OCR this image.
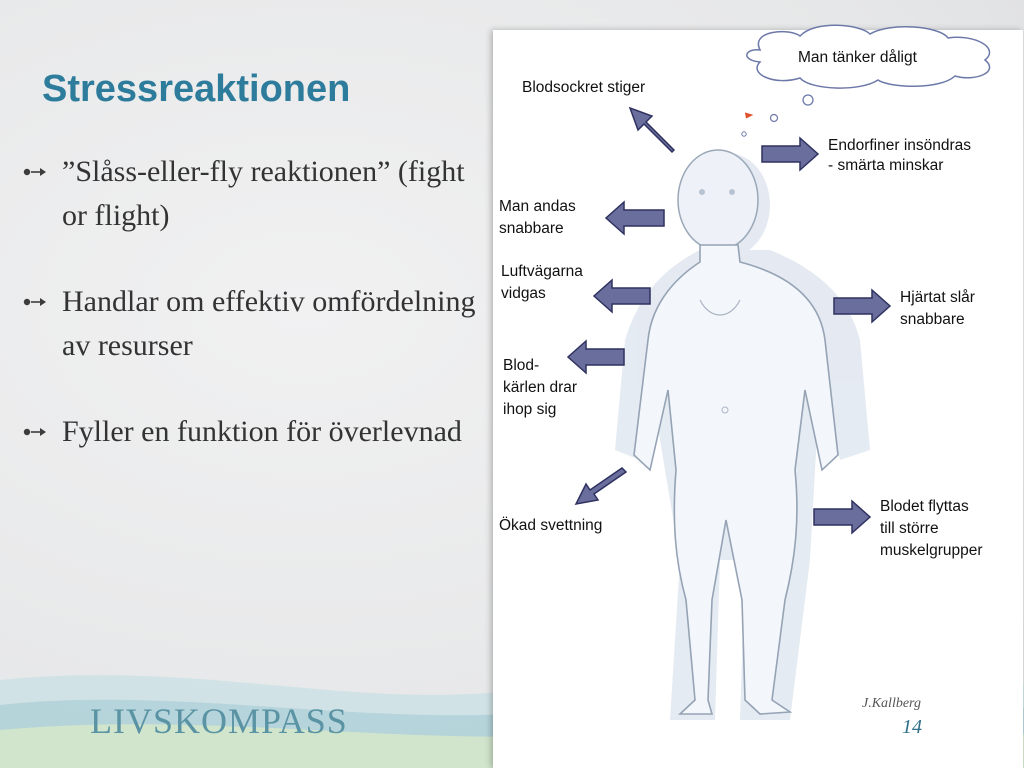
Stressreaktionen
”Slåss-eller-fly reaktionen” (fight or flight)
Handlar om effektiv omfördelning av resurser
Fyller en funktion för överlevnad
LIVSKOMPASS
Man tänker dåligt
Blodsockret stiger
Endorfiner insöndras
- smärta minskar
Man andas
snabbare
Luftvägarna
vidgas	Hjärtat slår
snabbare
Blod-
kärlen drar
ihop sig
Ökad svettning
Blodet flyttas
till större
muskelgrupper
J.Kallberg
14
